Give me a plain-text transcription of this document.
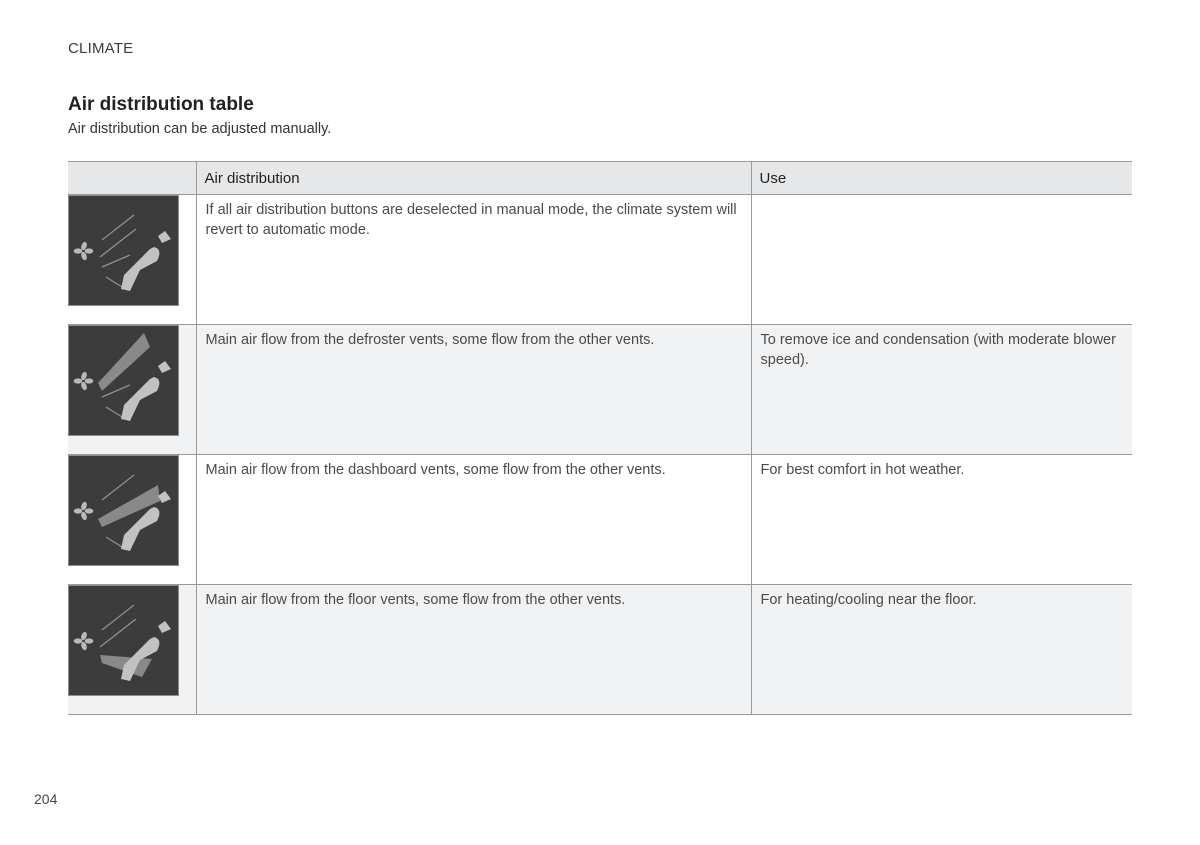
CLIMATE
Air distribution table

Air distribution can be adjusted manually.

	Air distribution	Use

If all air distribution buttons are deselected in manual mode, the climate system will revert to automatic mode.	

Main air flow from the defroster vents, some flow from the other vents.	To remove ice and condensation (with moderate blower speed).

Main air flow from the dashboard vents, some flow from the other vents.	For best comfort in hot weather.

Main air flow from the floor vents, some flow from the other vents.	For heating/cooling near the floor.
204
